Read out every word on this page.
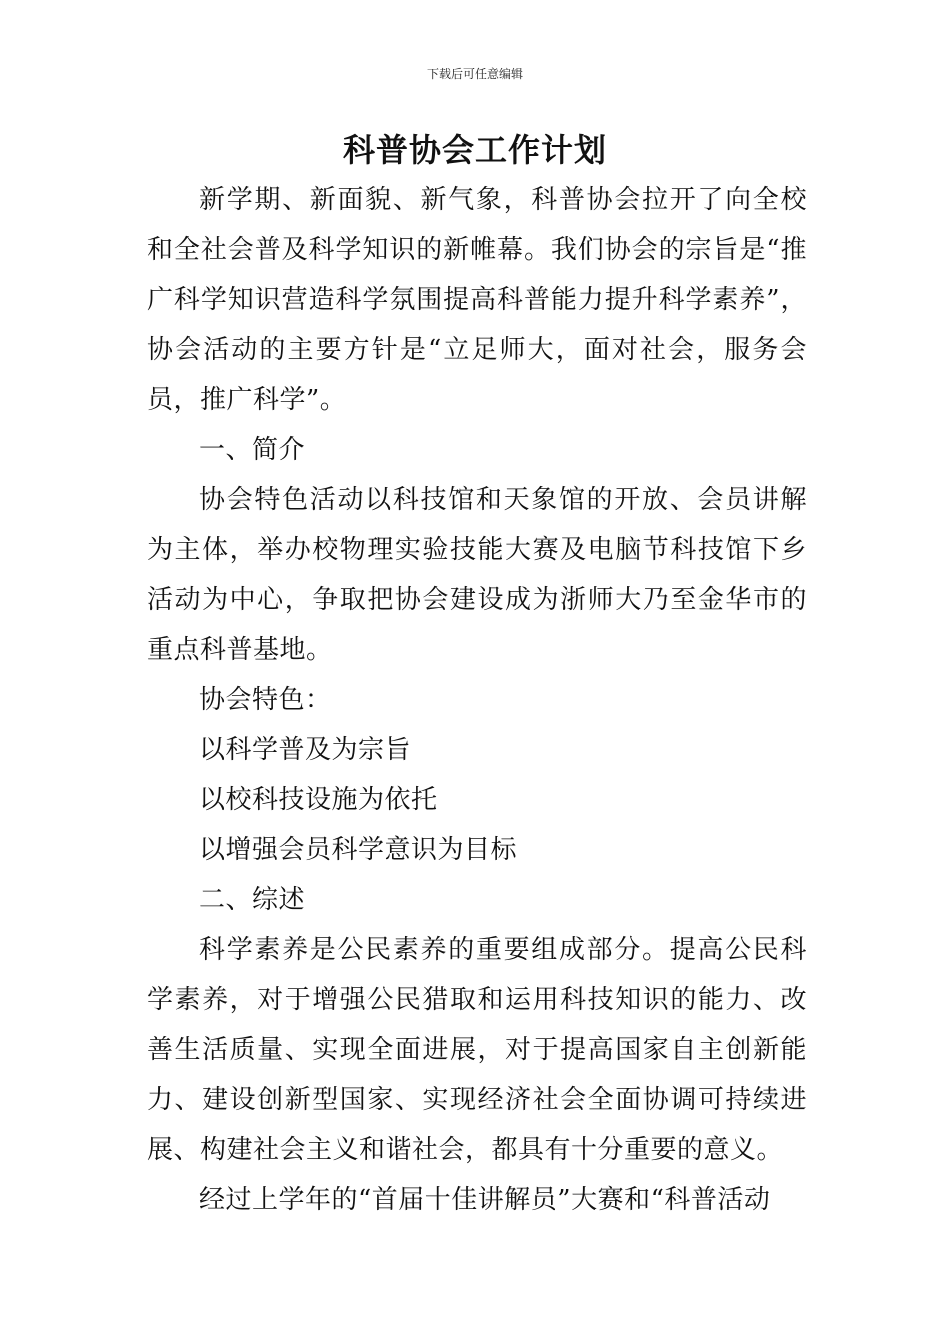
下载后可任意编辑
科普协会工作计划

新学期、新面貌、新气象，科普协会拉开了向全校和全社会普及科学知识的新帷幕。我们协会的宗旨是“推广科学知识营造科学氛围提高科普能力提升科学素养”，协会活动的主要方针是“立足师大，面对社会，服务会员，推广科学”。

一、简介

协会特色活动以科技馆和天象馆的开放、会员讲解为主体，举办校物理实验技能大赛及电脑节科技馆下乡活动为中心，争取把协会建设成为浙师大乃至金华市的重点科普基地。

协会特色：

以科学普及为宗旨

以校科技设施为依托

以增强会员科学意识为目标

二、综述

科学素养是公民素养的重要组成部分。提高公民科学素养，对于增强公民猎取和运用科技知识的能力、改善生活质量、实现全面进展，对于提高国家自主创新能力、建设创新型国家、实现经济社会全面协调可持续进展、构建社会主义和谐社会，都具有十分重要的意义。

经过上学年的“首届十佳讲解员”大赛和“科普活动
